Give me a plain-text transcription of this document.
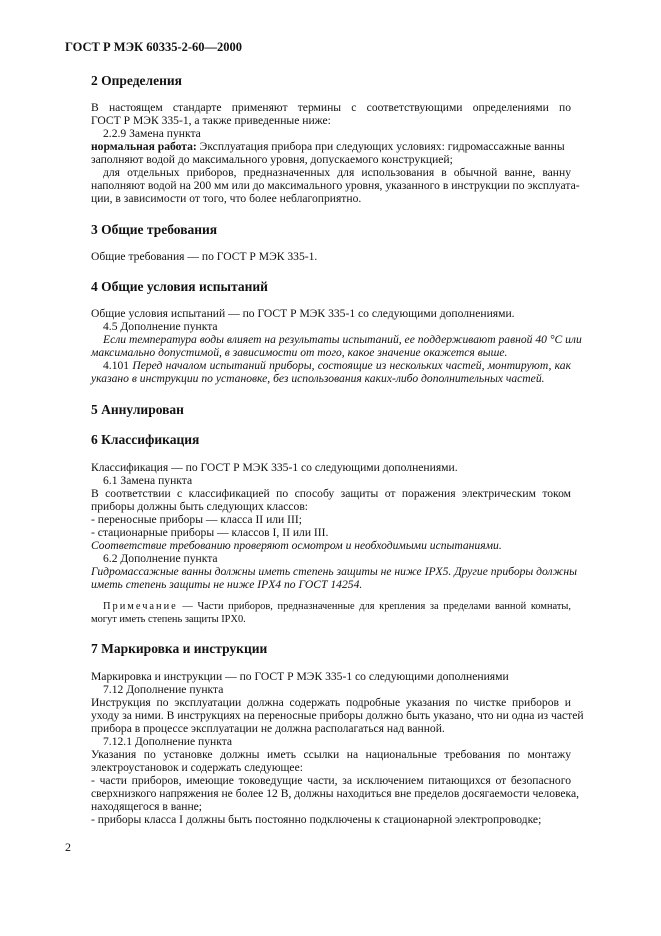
ГОСТ Р МЭК 60335-2-60—2000
2 Определения
В настоящем стандарте применяют термины с соответствующими определениями по
ГОСТ Р МЭК 335-1, а также приведенные ниже:
2.2.9 Замена пункта
нормальная работа: Эксплуатация прибора при следующих условиях: гидромассажные ванны
заполняют водой до максимального уровня, допускаемого конструкцией;
для отдельных приборов, предназначенных для использования в обычной ванне, ванну
наполняют водой на 200 мм или до максимального уровня, указанного в инструкции по эксплуата-
ции, в зависимости от того, что более неблагоприятно.
3 Общие требования
Общие требования — по ГОСТ Р МЭК 335-1.
4 Общие условия испытаний
Общие условия испытаний — по ГОСТ Р МЭК 335-1 со следующими дополнениями.
4.5 Дополнение пункта
Если температура воды влияет на результаты испытаний, ее поддерживают равной 40 °С или
максимально допустимой, в зависимости от того, какое значение окажется выше.
4.101 Перед началом испытаний приборы, состоящие из нескольких частей, монтируют, как
указано в инструкции по установке, без использования каких-либо дополнительных частей.
5 Аннулирован
6 Классификация
Классификация — по ГОСТ Р МЭК 335-1 со следующими дополнениями.
6.1 Замена пункта
В соответствии с классификацией по способу защиты от поражения электрическим током
приборы должны быть следующих классов:
- переносные приборы — класса II или III;
- стационарные приборы — классов I, II или III.
Соответствие требованию проверяют осмотром и необходимыми испытаниями.
6.2 Дополнение пункта
Гидромассажные ванны должны иметь степень защиты не ниже IPX5. Другие приборы должны
иметь степень защиты не ниже IPX4 по ГОСТ 14254.
Примечание — Части приборов, предназначенные для крепления за пределами ванной комнаты,
могут иметь степень защиты IPX0.
7 Маркировка и инструкции
Маркировка и инструкции — по ГОСТ Р МЭК 335-1 со следующими дополнениями
7.12 Дополнение пункта
Инструкция по эксплуатации должна содержать подробные указания по чистке приборов и
уходу за ними. В инструкциях на переносные приборы должно быть указано, что ни одна из частей
прибора в процессе эксплуатации не должна располагаться над ванной.
7.12.1 Дополнение пункта
Указания по установке должны иметь ссылки на национальные требования по монтажу
электроустановок и содержать следующее:
- части приборов, имеющие токоведущие части, за исключением питающихся от безопасного
сверхнизкого напряжения не более 12 В, должны находиться вне пределов досягаемости человека,
находящегося в ванне;
- приборы класса I должны быть постоянно подключены к стационарной электропроводке;
2
